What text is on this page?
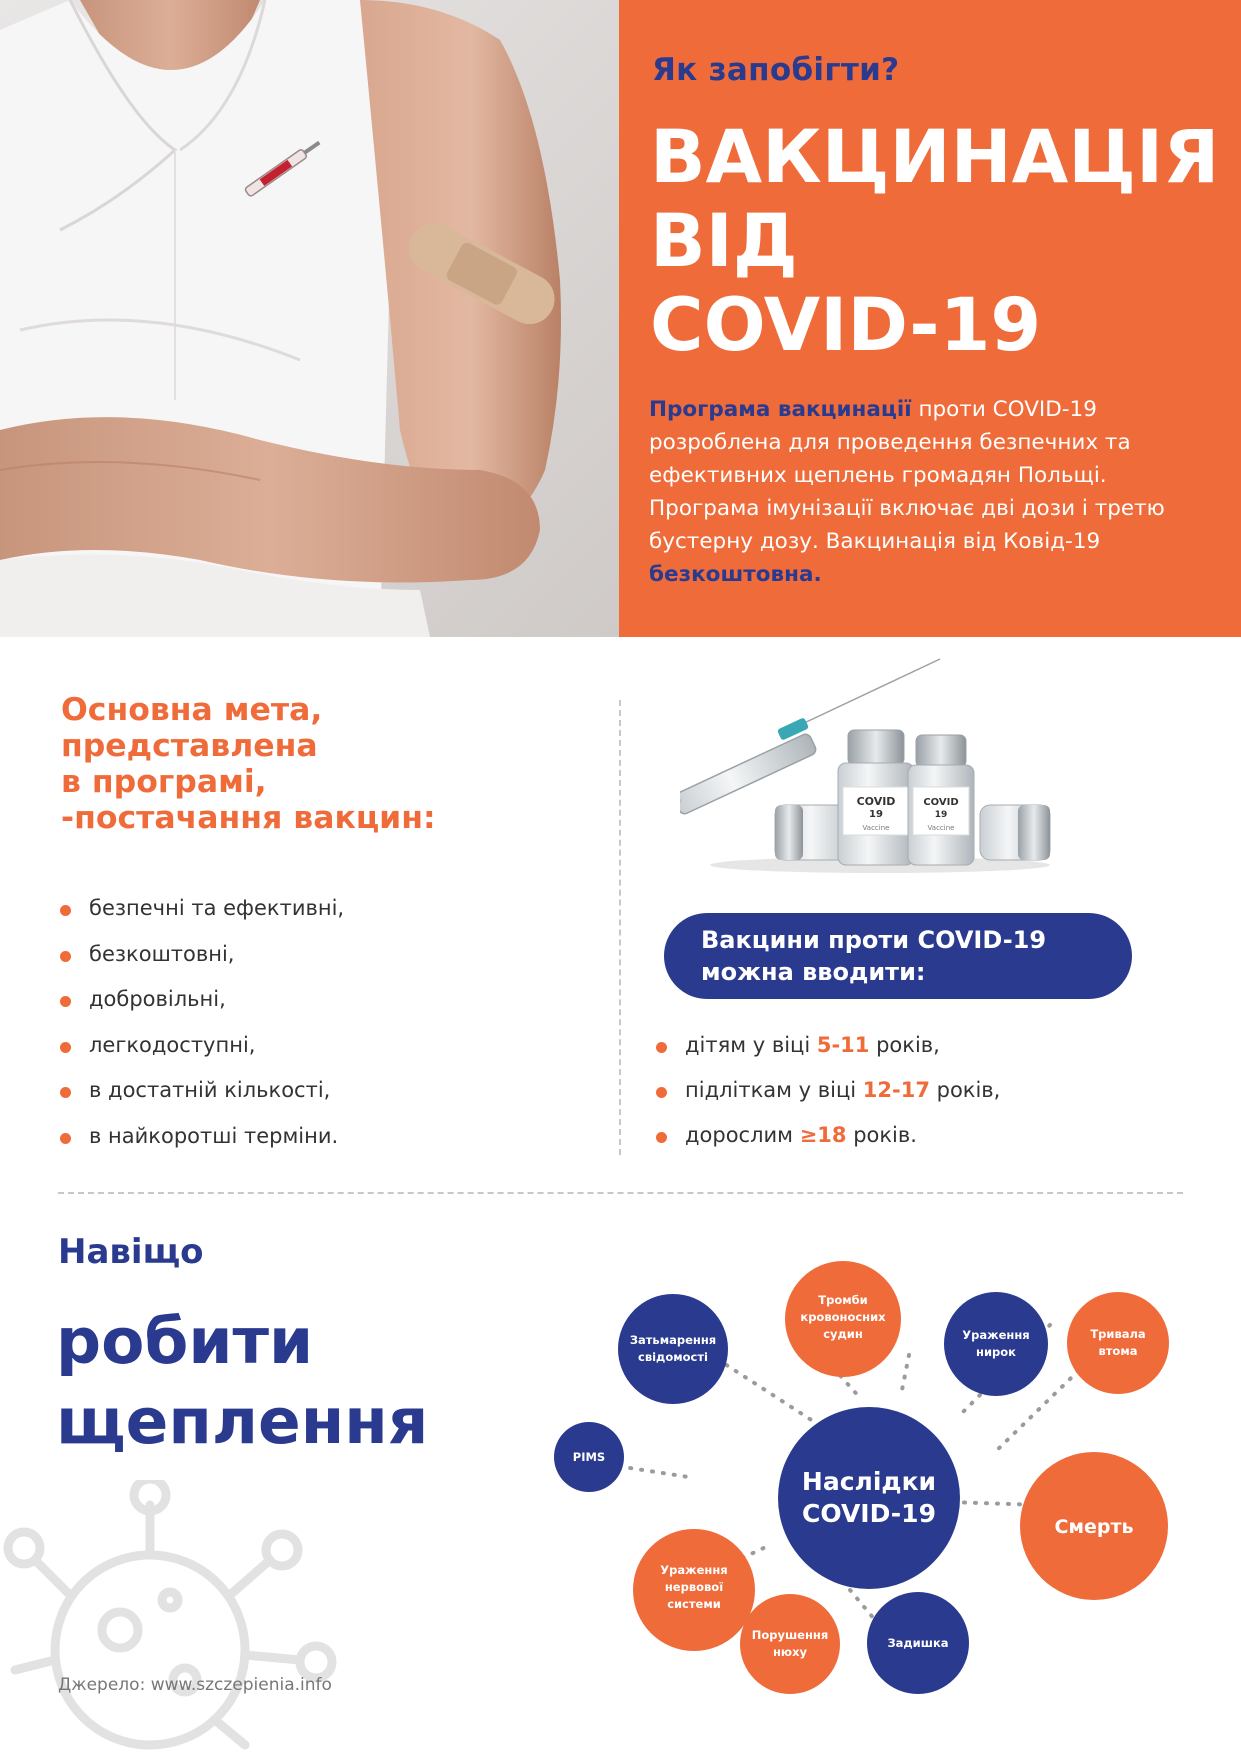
Як запобігти?
ВАКЦИНАЦІЯ
ВІД
COVID-19

Програма вакцинації проти COVID-19 розроблена для проведення безпечних та ефективних щеплень громадян Польщі. Програма імунізації включає дві дози і третю бустерну дозу. Вакцинація від Ковід-19 безкоштовна.

Основна мета,
представлена
в програмі,
-постачання вакцин:
безпечні та ефективні,
безкоштовні,
добровільні,
легкодоступні,
в достатній кількості,
в найкоротші терміни.
COVID
19
Vaccine
COVID
19
Vaccine
Вакцини проти COVID-19
можна вводити:
дітям у віці 5-11 років,
підліткам у віці 12-17 років,
дорослим ≥18 років.
Навіщо
робити
щеплення
Джерело: www.szczepienia.info
Наслідки
COVID-19
Тромби
кровоносних
судин
Затьмарення
свідомості
Ураження
нирок
Тривала
втома
PIMS
Смерть
Ураження
нервової
системи
Задишка
Порушення
нюху
